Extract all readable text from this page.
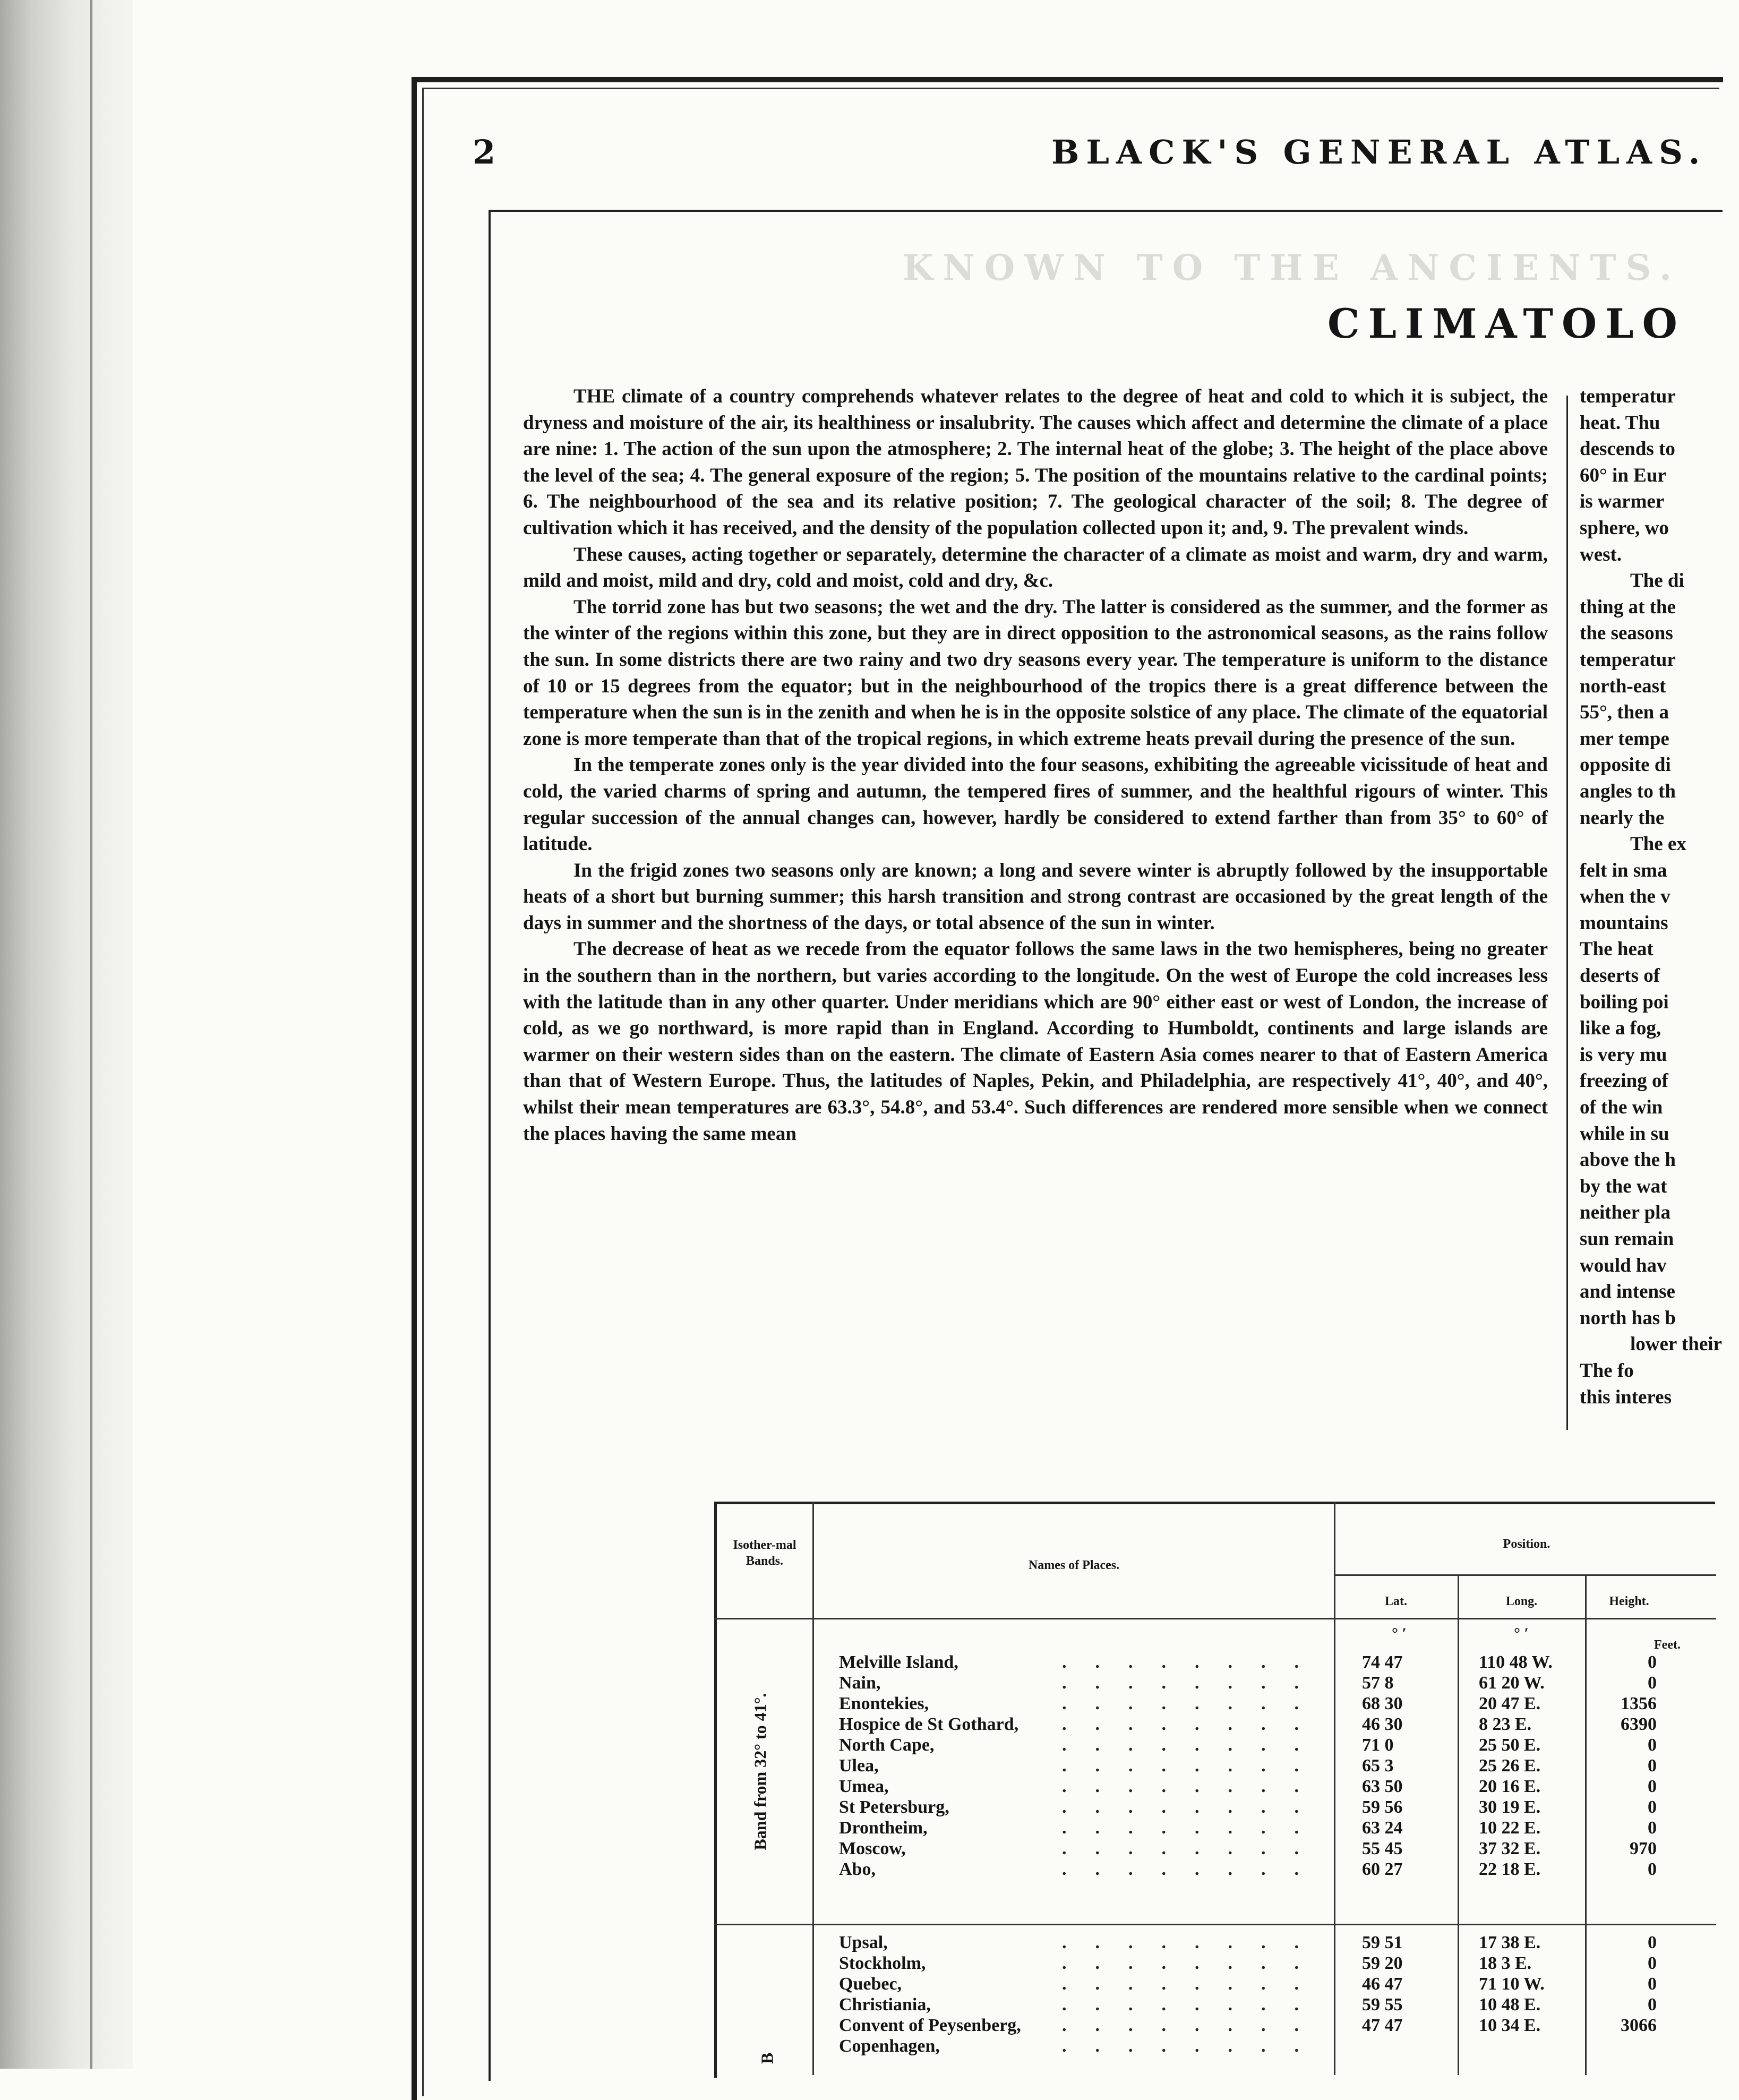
2	BLACK'S GENERAL ATLAS.
KNOWN TO THE ANCIENTS.
CLIMATOLO

THE climate of a country comprehends whatever relates to the degree of heat and cold to which it is subject, the dryness and moisture of the air, its healthiness or insalubrity. The causes which affect and determine the climate of a place are nine: 1. The action of the sun upon the atmosphere; 2. The internal heat of the globe; 3. The height of the place above the level of the sea; 4. The general exposure of the region; 5. The position of the mountains relative to the cardinal points; 6. The neighbourhood of the sea and its relative position; 7. The geological character of the soil; 8. The degree of cultivation which it has received, and the density of the population collected upon it; and, 9. The prevalent winds.

These causes, acting together or separately, determine the character of a climate as moist and warm, dry and warm, mild and moist, mild and dry, cold and moist, cold and dry, &c.

The torrid zone has but two seasons; the wet and the dry. The latter is considered as the summer, and the former as the winter of the regions within this zone, but they are in direct opposition to the astronomical seasons, as the rains follow the sun. In some districts there are two rainy and two dry seasons every year. The temperature is uniform to the distance of 10 or 15 degrees from the equator; but in the neighbourhood of the tropics there is a great difference between the temperature when the sun is in the zenith and when he is in the opposite solstice of any place. The climate of the equatorial zone is more temperate than that of the tropical regions, in which extreme heats prevail during the presence of the sun.

In the temperate zones only is the year divided into the four seasons, exhibiting the agreeable vicissitude of heat and cold, the varied charms of spring and autumn, the tempered fires of summer, and the healthful rigours of winter. This regular succession of the annual changes can, however, hardly be considered to extend farther than from 35° to 60° of latitude.

In the frigid zones two seasons only are known; a long and severe winter is abruptly followed by the insupportable heats of a short but burning summer; this harsh transition and strong contrast are occasioned by the great length of the days in summer and the shortness of the days, or total absence of the sun in winter.

The decrease of heat as we recede from the equator follows the same laws in the two hemispheres, being no greater in the southern than in the northern, but varies according to the longitude. On the west of Europe the cold increases less with the latitude than in any other quarter. Under meridians which are 90° either east or west of London, the increase of cold, as we go northward, is more rapid than in England. According to Humboldt, continents and large islands are warmer on their western sides than on the eastern. The climate of Eastern Asia comes nearer to that of Eastern America than that of Western Europe. Thus, the latitudes of Naples, Pekin, and Philadelphia, are respectively 41°, 40°, and 40°, whilst their mean temperatures are 63.3°, 54.8°, and 53.4°. Such differences are rendered more sensible when we connect the places having the same mean

temperatur
heat. Thu
descends to
60° in Eur
is warmer
sphere, wo
west.
The di
thing at the
the seasons
temperatur
north-east
55°, then a
mer tempe
opposite di
angles to th
nearly the
The ex
felt in sma
when the v
mountains
The heat
deserts of
boiling poi
like a fog,
is very mu
freezing of
of the win
while in su
above the h
by the wat
neither pla
sun remain
would hav
and intense
north has b
lower their
The fo
this interes
Isother-mal Bands.	Names of Places.
Position.
Lat.	Long.	Height.
° ′	° ′
Feet.
Band from 32° to 41°.
B
Melville Island,	........ 74 47	110 48 W.	0
Nain,	........ 57 8	61 20 W.	0
Enontekies,	........ 68 30	20 47 E.	1356
Hospice de St Gothard, ........ 46 30	8 23 E.	6390
North Cape,	........ 71 0	25 50 E.	0
Ulea,	........ 65 3	25 26 E.	0
Umea,	........ 63 50	20 16 E.	0
St Petersburg,	........ 59 56	30 19 E.	0
Drontheim,	........ 63 24	10 22 E.	0
Moscow,	........ 55 45	37 32 E.	970
Abo,	........ 60 27	22 18 E.	0
Upsal,	........ 59 51	17 38 E.	0
Stockholm,	........ 59 20	18 3 E.	0
Quebec,	........ 46 47	71 10 W.	0
Christiania,	........ 59 55	10 48 E.	0
Convent of Peysenberg, ........ 47 47	10 34 E.	3066
Copenhagen,	........
